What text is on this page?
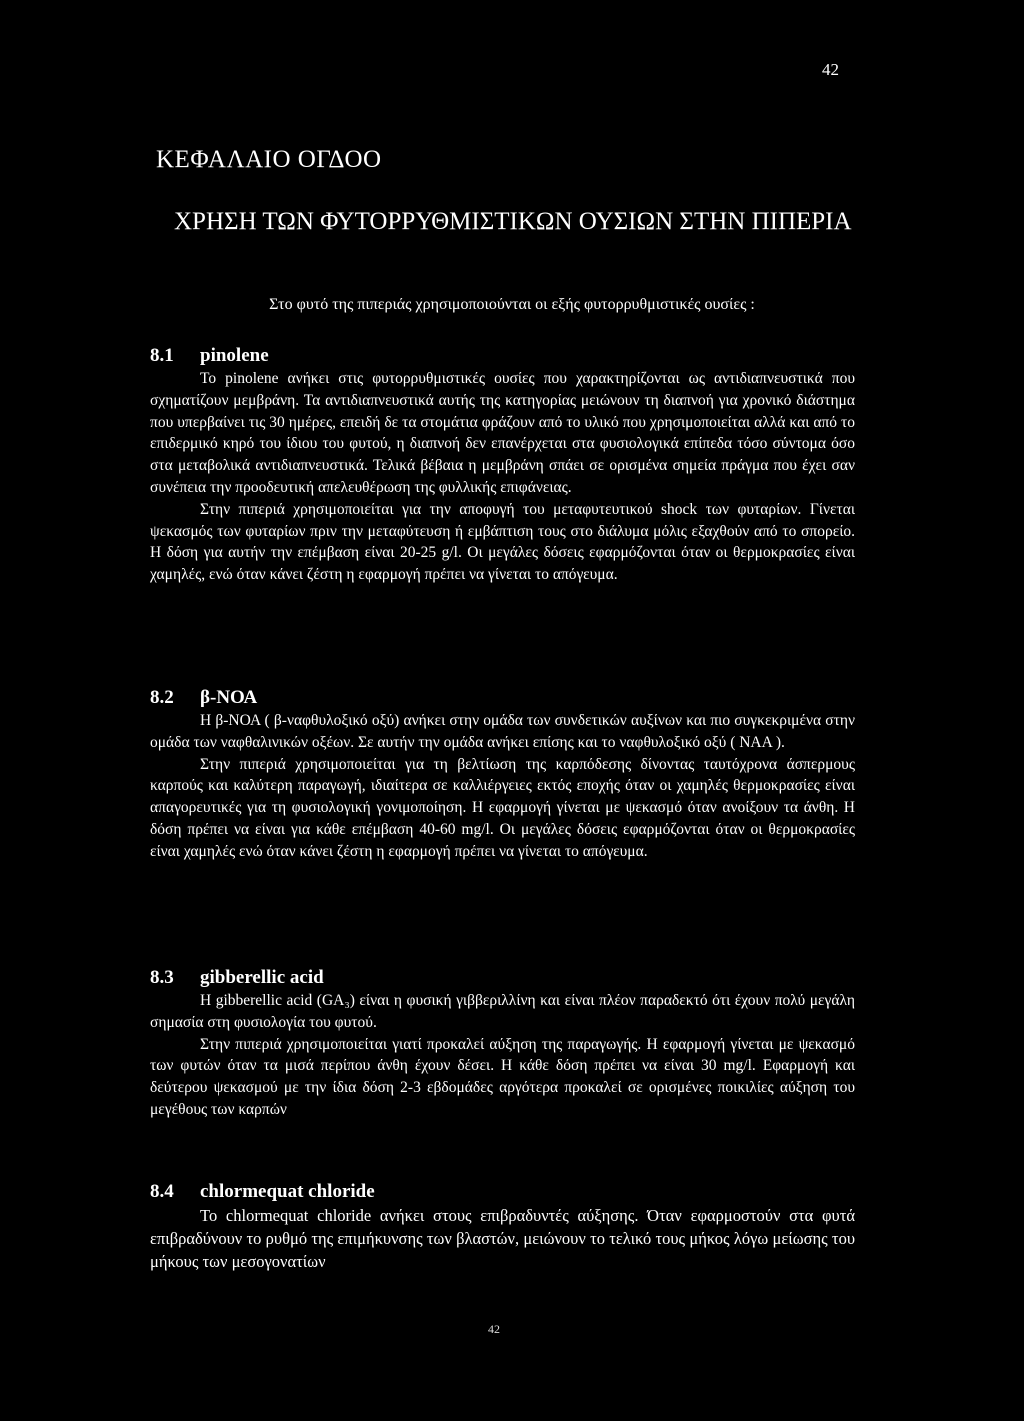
42
ΚΕΦΑΛΑΙΟ ΟΓΔΟΟ
ΧΡΗΣΗ ΤΩΝ ΦΥΤΟΡΡΥΘΜΙΣΤΙΚΩΝ ΟΥΣΙΩΝ ΣΤΗΝ ΠΙΠΕΡΙΑ
Στο φυτό της πιπεριάς χρησιμοποιούνται οι εξής φυτορρυθμιστικές ουσίες :
8.1 pinolene

Το pinolene ανήκει στις φυτορρυθμιστικές ουσίες που χαρακτηρίζονται ως αντιδιαπνευστικά που σχηματίζουν μεμβράνη. Τα αντιδιαπνευστικά αυτής της κατηγορίας μειώνουν τη διαπνοή για χρονικό διάστημα που υπερβαίνει τις 30 ημέρες, επειδή δε τα στομάτια φράζουν από το υλικό που χρησιμοποιείται αλλά και από το επιδερμικό κηρό του ίδιου του φυτού, η διαπνοή δεν επανέρχεται στα φυσιολογικά επίπεδα τόσο σύντομα όσο στα μεταβολικά αντιδιαπνευστικά. Τελικά βέβαια η μεμβράνη σπάει σε ορισμένα σημεία πράγμα που έχει σαν συνέπεια την προοδευτική απελευθέρωση της φυλλικής επιφάνειας.

Στην πιπεριά χρησιμοποιείται για την αποφυγή του μεταφυτευτικού shock των φυταρίων. Γίνεται ψεκασμός των φυταρίων πριν την μεταφύτευση ή εμβάπτιση τους στο διάλυμα μόλις εξαχθούν από το σπορείο. Η δόση για αυτήν την επέμβαση είναι 20-25 g/l. Οι μεγάλες δόσεις εφαρμόζονται όταν οι θερμοκρασίες είναι χαμηλές, ενώ όταν κάνει ζέστη η εφαρμογή πρέπει να γίνεται το απόγευμα.

8.2 β-ΝΟΑ

Η β-ΝΟΑ ( β-ναφθυλοξικό οξύ) ανήκει στην ομάδα των συνδετικών αυξίνων και πιο συγκεκριμένα στην ομάδα των ναφθαλινικών οξέων. Σε αυτήν την ομάδα ανήκει επίσης και το ναφθυλοξικό οξύ ( ΝΑΑ ).

Στην πιπεριά χρησιμοποιείται για τη βελτίωση της καρπόδεσης δίνοντας ταυτόχρονα άσπερμους καρπούς και καλύτερη παραγωγή, ιδιαίτερα σε καλλιέργειες εκτός εποχής όταν οι χαμηλές θερμοκρασίες είναι απαγορευτικές για τη φυσιολογική γονιμοποίηση. Η εφαρμογή γίνεται με ψεκασμό όταν ανοίξουν τα άνθη. Η δόση πρέπει να είναι για κάθε επέμβαση 40-60 mg/l. Οι μεγάλες δόσεις εφαρμόζονται όταν οι θερμοκρασίες είναι χαμηλές ενώ όταν κάνει ζέστη η εφαρμογή πρέπει να γίνεται το απόγευμα.

8.3 gibberellic acid

Η gibberellic acid (GA₃) είναι η φυσική γιββεριλλίνη και είναι πλέον παραδεκτό ότι έχουν πολύ μεγάλη σημασία στη φυσιολογία του φυτού.

Στην πιπεριά χρησιμοποιείται γιατί προκαλεί αύξηση της παραγωγής. Η εφαρμογή γίνεται με ψεκασμό των φυτών όταν τα μισά περίπου άνθη έχουν δέσει. Η κάθε δόση πρέπει να είναι 30 mg/l. Εφαρμογή και δεύτερου ψεκασμού με την ίδια δόση 2-3 εβδομάδες αργότερα προκαλεί σε ορισμένες ποικιλίες αύξηση του μεγέθους των καρπών

8.4 chlormequat chloride

Το chlormequat chloride ανήκει στους επιβραδυντές αύξησης. Όταν εφαρμοστούν στα φυτά επιβραδύνουν το ρυθμό της επιμήκυνσης των βλαστών, μειώνουν το τελικό τους μήκος λόγω μείωσης του μήκους των μεσογονατίων

42
